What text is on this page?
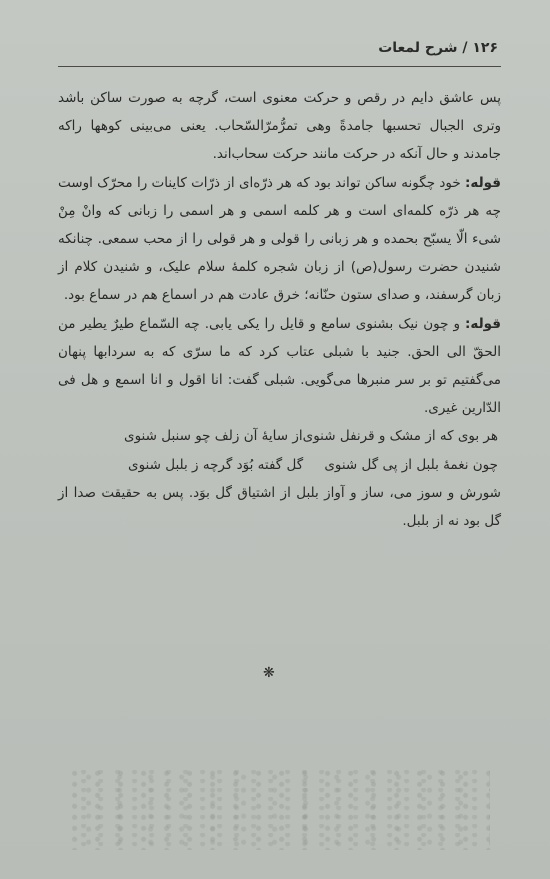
۱۲۶ / شرح لمعات

پس عاشق دایم در رقص و حرکت معنوی است، گرچه به صورت ساکن باشد وتری الجبال تحسبها جامدةً وهی تمرُّمرّالسّحاب. یعنی می‌بینی کوهها راکه جامدند و حال آنکه در حرکت مانند حرکت سحاب‌اند.

قوله: خود چگونه ساکن تواند بود که هر ذرّه‌ای از ذرّات کاینات را محرّک اوست چه هر ذرّه کلمه‌ای است و هر کلمه اسمی و هر اسمی را زبانی که وانْ مِنْ شیء الّا یسبّح بحمده و هر زبانی را قولی و هر قولی را از محب سمعی. چنانکه شنیدن حضرت رسول(ص) از زبان شجره کلمهٔ سلام علیک، و شنیدن کلام از زبان گرسفند، و صدای ستون حنّانه؛ خرق عادت هم در اسماع هم در سماع بود.

قوله: و چون نیک بشنوی سامع و قایل را یکی یابی. چه السّماع طیرٌ یطیر من الحقّ الی الحق. جنید با شبلی عتاب کرد که ما سرّی که به سردابها پنهان می‌گفتیم تو بر سر منبرها می‌گویی. شبلی گفت: انا اقول و انا اسمع و هل فی الدّارین غیری.

هر بوی که از مشک و قرنفل شنوی
از سایهٔ آن زلف چو سنبل شنوی
چون نغمهٔ بلبل از پی گل شنوی
گل گفته بُوَد گرچه ز بلبل شنوی

شورش و سوز می، ساز و آواز بلبل از اشتیاق گل بوَد. پس به حقیقت صدا از گل بود نه از بلبل.

❋
